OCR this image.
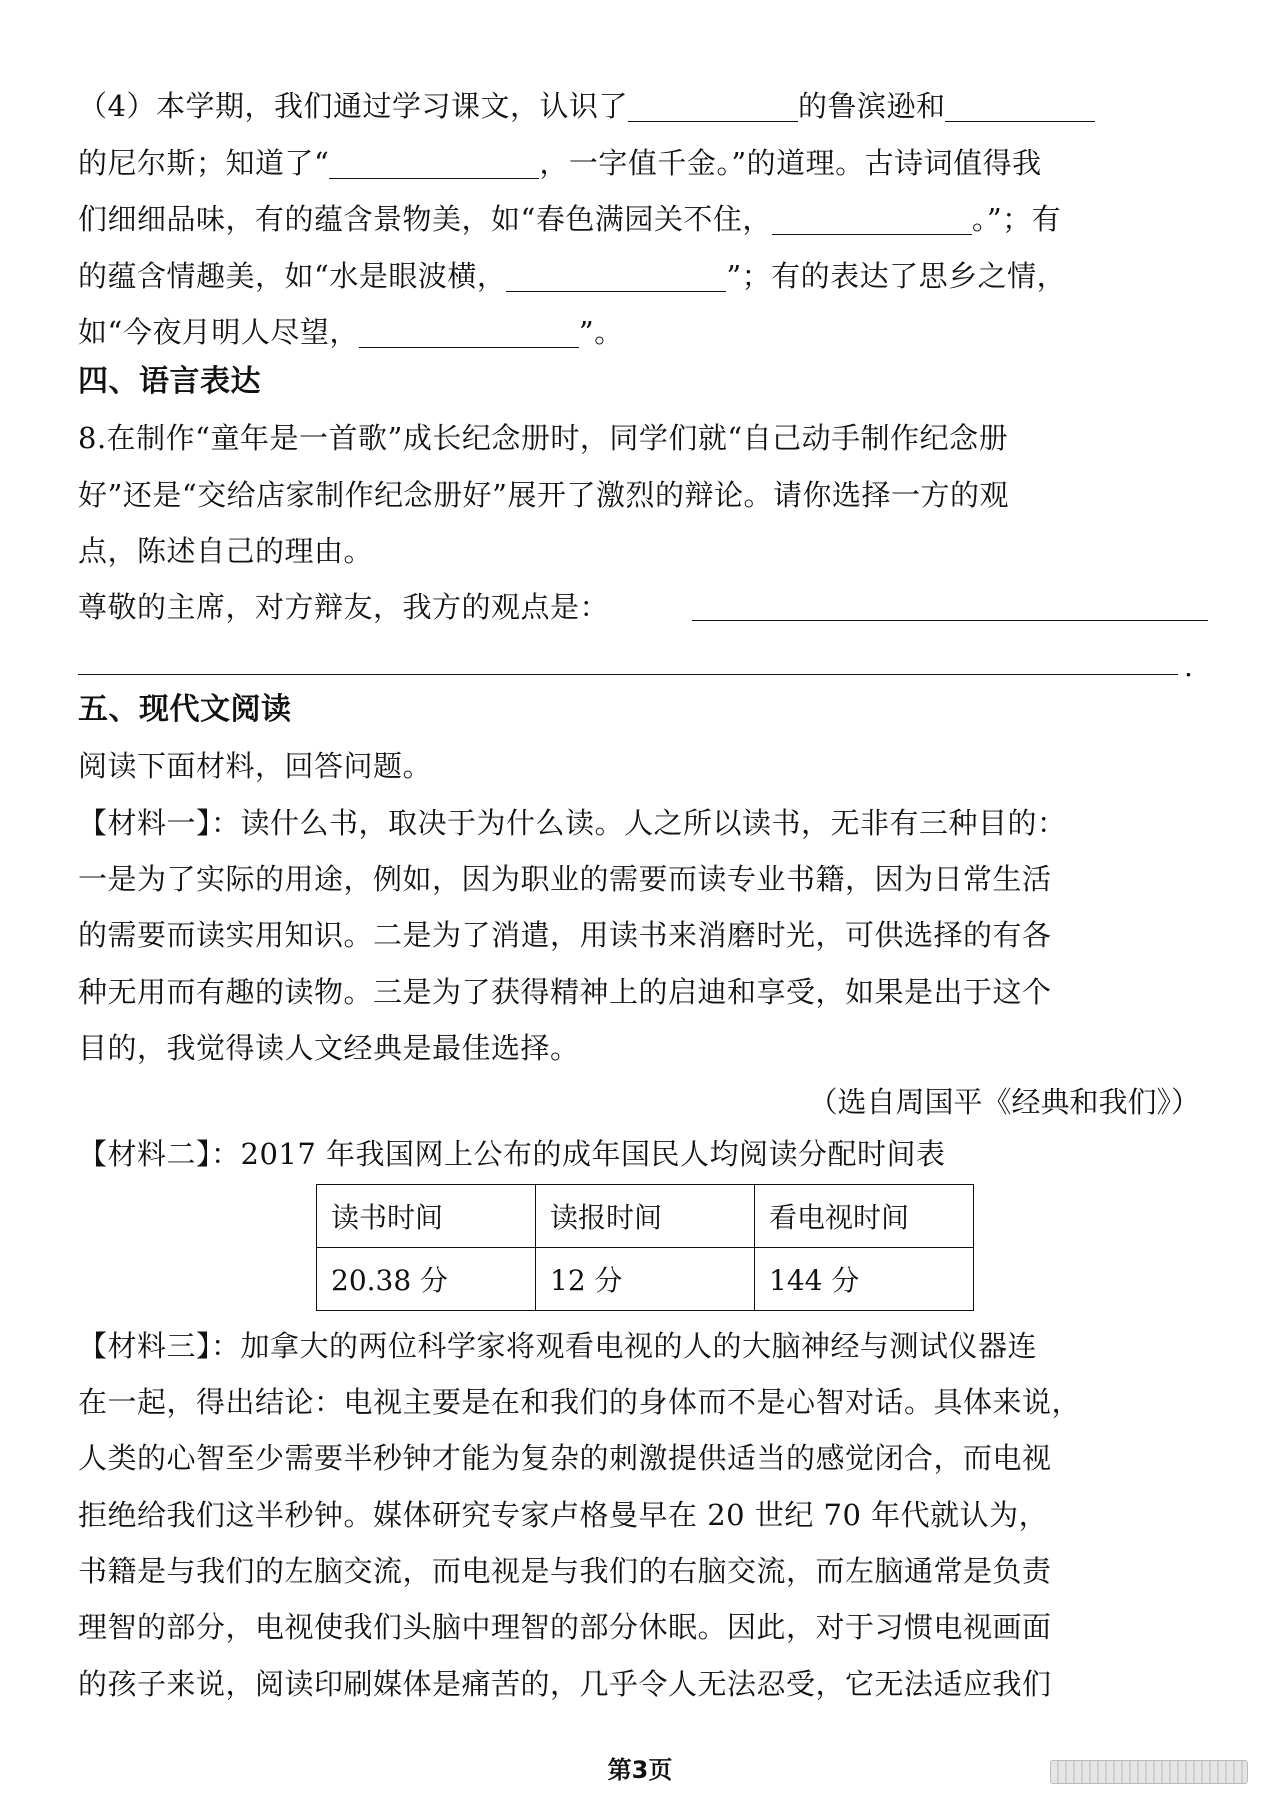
（4）本学期，我们通过学习课文，认识了	的鲁滨逊和
的尼尔斯；知道了“	，一字值千金。”的道理。古诗词值得我
们细细品味，有的蕴含景物美，如“春色满园关不住，	。”；有
的蕴含情趣美，如“水是眼波横，	”；有的表达了思乡之情，
如“今夜月明人尽望，	”。
四、语言表达
8.在制作“童年是一首歌”成长纪念册时，同学们就“自己动手制作纪念册
好”还是“交给店家制作纪念册好”展开了激烈的辩论。请你选择一方的观
点，陈述自己的理由。
尊敬的主席，对方辩友，我方的观点是：
.
五、现代文阅读
阅读下面材料，回答问题。
【材料一】：读什么书，取决于为什么读。人之所以读书，无非有三种目的：
一是为了实际的用途，例如，因为职业的需要而读专业书籍，因为日常生活
的需要而读实用知识。二是为了消遣，用读书来消磨时光，可供选择的有各
种无用而有趣的读物。三是为了获得精神上的启迪和享受，如果是出于这个
目的，我觉得读人文经典是最佳选择。
（选自周国平《经典和我们》）
【材料二】：2017 年我国网上公布的成年国民人均阅读分配时间表
读书时间	读报时间	看电视时间
20.38 分	12 分	144 分
【材料三】：加拿大的两位科学家将观看电视的人的大脑神经与测试仪器连
在一起，得出结论：电视主要是在和我们的身体而不是心智对话。具体来说，
人类的心智至少需要半秒钟才能为复杂的刺激提供适当的感觉闭合，而电视
拒绝给我们这半秒钟。媒体研究专家卢格曼早在 20 世纪 70 年代就认为，
书籍是与我们的左脑交流，而电视是与我们的右脑交流，而左脑通常是负责
理智的部分，电视使我们头脑中理智的部分休眠。因此，对于习惯电视画面
的孩子来说，阅读印刷媒体是痛苦的，几乎令人无法忍受，它无法适应我们
第3页
